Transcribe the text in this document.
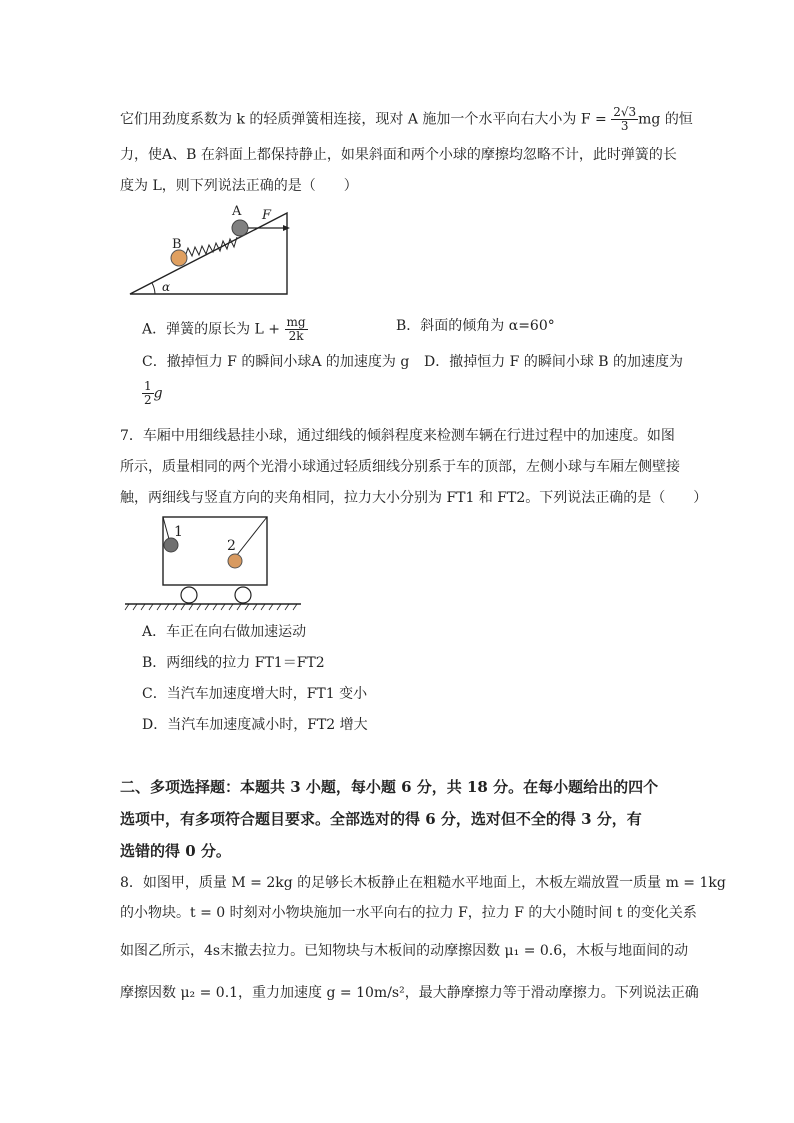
它们用劲度系数为 k 的轻质弹簧相连接，现对 A 施加一个水平向右大小为 $F = \frac{2√3}{3}$ mg 的恒
力，使A、B 在斜面上都保持静止，如果斜面和两个小球的摩擦均忽略不计，此时弹簧的长
度为 L，则下列说法正确的是（　　）
A
B
F
α
A．弹簧的原长为 $L + \frac{mg}{2k}$	B．斜面的倾角为 α=60°
C．撤掉恒力 F 的瞬间小球A 的加速度为 g D．撤掉恒力 F 的瞬间小球 B 的加速度为
$\frac{1}{2}$ g
7．车厢中用细线悬挂小球，通过细线的倾斜程度来检测车辆在行进过程中的加速度。如图
所示，质量相同的两个光滑小球通过轻质细线分别系于车的顶部，左侧小球与车厢左侧壁接
触，两细线与竖直方向的夹角相同，拉力大小分别为 FT1 和 FT2。下列说法正确的是（　　）
1
2
A．车正在向右做加速运动
B．两细线的拉力 FT1＝FT2
C．当汽车加速度增大时，FT1 变小
D．当汽车加速度减小时，FT2 增大
二、多项选择题：本题共 3 小题，每小题 6 分，共 18 分。在每小题给出的四个
选项中，有多项符合题目要求。全部选对的得 6 分，选对但不全的得 3 分，有
选错的得 0 分。
8．如图甲，质量 M = 2kg 的足够长木板静止在粗糙水平地面上，木板左端放置一质量 m = 1kg
的小物块。t = 0 时刻对小物块施加一水平向右的拉力 F，拉力 F 的大小随时间 t 的变化关系
如图乙所示，4s末撤去拉力。已知物块与木板间的动摩擦因数 μ₁ = 0.6，木板与地面间的动
摩擦因数 μ₂ = 0.1，重力加速度 g = 10m/s²，最大静摩擦力等于滑动摩擦力。下列说法正确
